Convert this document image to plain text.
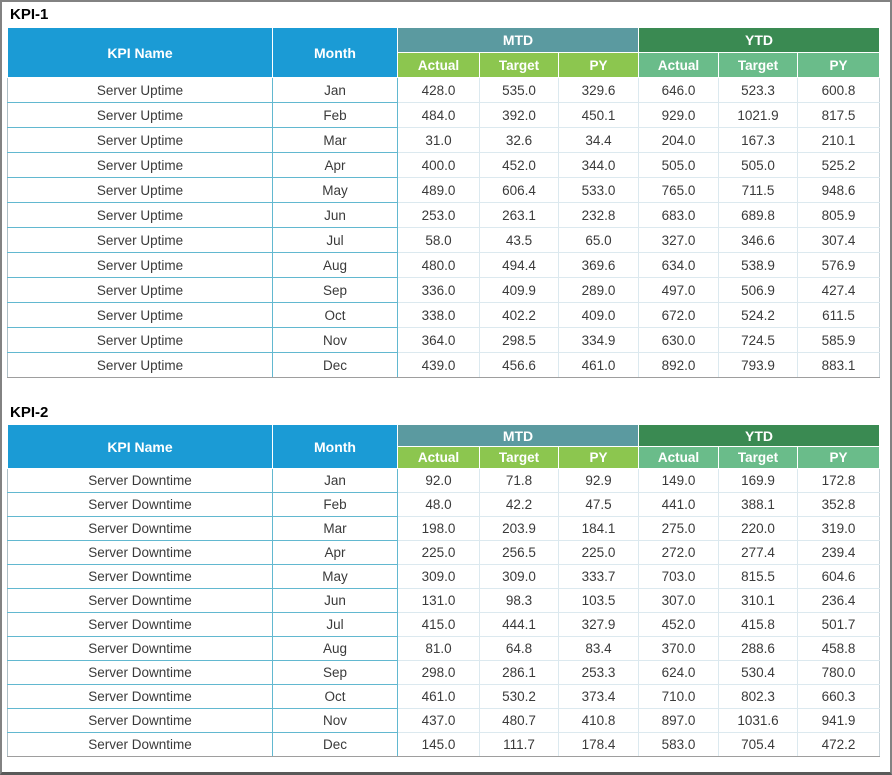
KPI-1
KPI Name	Month	MTD			YTD		
		Actual	Target	PY	Actual	Target	PY
Server Uptime	Jan	428.0	535.0	329.6	646.0	523.3	600.8
Server Uptime	Feb	484.0	392.0	450.1	929.0	1021.9	817.5
Server Uptime	Mar	31.0	32.6	34.4	204.0	167.3	210.1
Server Uptime	Apr	400.0	452.0	344.0	505.0	505.0	525.2
Server Uptime	May	489.0	606.4	533.0	765.0	711.5	948.6
Server Uptime	Jun	253.0	263.1	232.8	683.0	689.8	805.9
Server Uptime	Jul	58.0	43.5	65.0	327.0	346.6	307.4
Server Uptime	Aug	480.0	494.4	369.6	634.0	538.9	576.9
Server Uptime	Sep	336.0	409.9	289.0	497.0	506.9	427.4
Server Uptime	Oct	338.0	402.2	409.0	672.0	524.2	611.5
Server Uptime	Nov	364.0	298.5	334.9	630.0	724.5	585.9
Server Uptime	Dec	439.0	456.6	461.0	892.0	793.9	883.1
KPI-2
KPI Name	Month	MTD			YTD		
		Actual	Target	PY	Actual	Target	PY
Server Downtime	Jan	92.0	71.8	92.9	149.0	169.9	172.8
Server Downtime	Feb	48.0	42.2	47.5	441.0	388.1	352.8
Server Downtime	Mar	198.0	203.9	184.1	275.0	220.0	319.0
Server Downtime	Apr	225.0	256.5	225.0	272.0	277.4	239.4
Server Downtime	May	309.0	309.0	333.7	703.0	815.5	604.6
Server Downtime	Jun	131.0	98.3	103.5	307.0	310.1	236.4
Server Downtime	Jul	415.0	444.1	327.9	452.0	415.8	501.7
Server Downtime	Aug	81.0	64.8	83.4	370.0	288.6	458.8
Server Downtime	Sep	298.0	286.1	253.3	624.0	530.4	780.0
Server Downtime	Oct	461.0	530.2	373.4	710.0	802.3	660.3
Server Downtime	Nov	437.0	480.7	410.8	897.0	1031.6	941.9
Server Downtime	Dec	145.0	111.7	178.4	583.0	705.4	472.2
